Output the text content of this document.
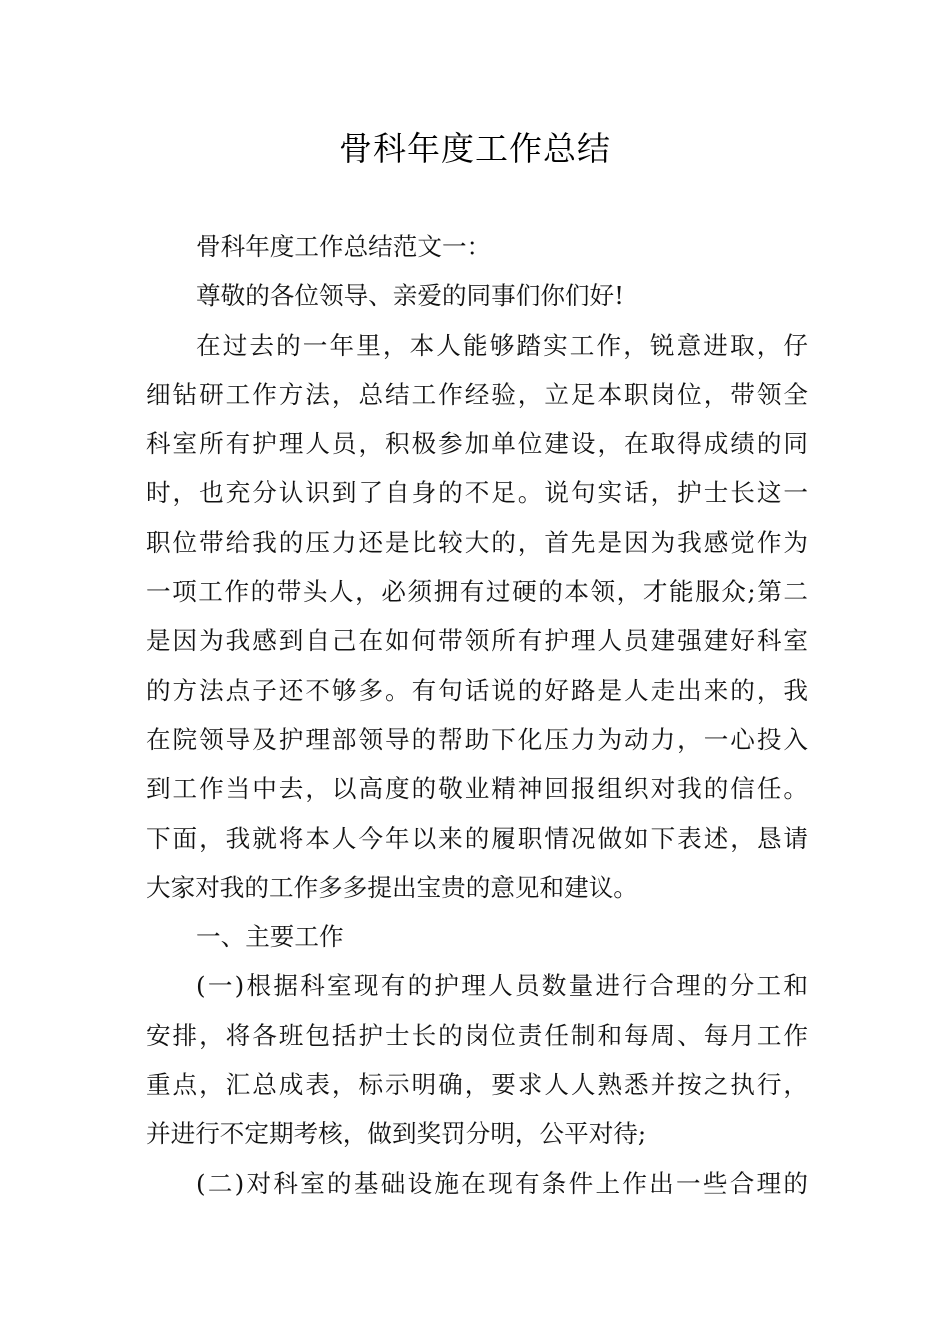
骨科年度工作总结
骨科年度工作总结范文一：
尊敬的各位领导、亲爱的同事们你们好!
在过去的一年里，本人能够踏实工作，锐意进取，仔
细钻研工作方法，总结工作经验，立足本职岗位，带领全
科室所有护理人员，积极参加单位建设，在取得成绩的同
时，也充分认识到了自身的不足。说句实话，护士长这一
职位带给我的压力还是比较大的，首先是因为我感觉作为
一项工作的带头人，必须拥有过硬的本领，才能服众;第二
是因为我感到自己在如何带领所有护理人员建强建好科室
的方法点子还不够多。有句话说的好路是人走出来的，我
在院领导及护理部领导的帮助下化压力为动力，一心投入
到工作当中去，以高度的敬业精神回报组织对我的信任。
下面，我就将本人今年以来的履职情况做如下表述，恳请
大家对我的工作多多提出宝贵的意见和建议。
一、主要工作
(一)根据科室现有的护理人员数量进行合理的分工和
安排，将各班包括护士长的岗位责任制和每周、每月工作
重点，汇总成表，标示明确，要求人人熟悉并按之执行，
并进行不定期考核，做到奖罚分明，公平对待;
(二)对科室的基础设施在现有条件上作出一些合理的
